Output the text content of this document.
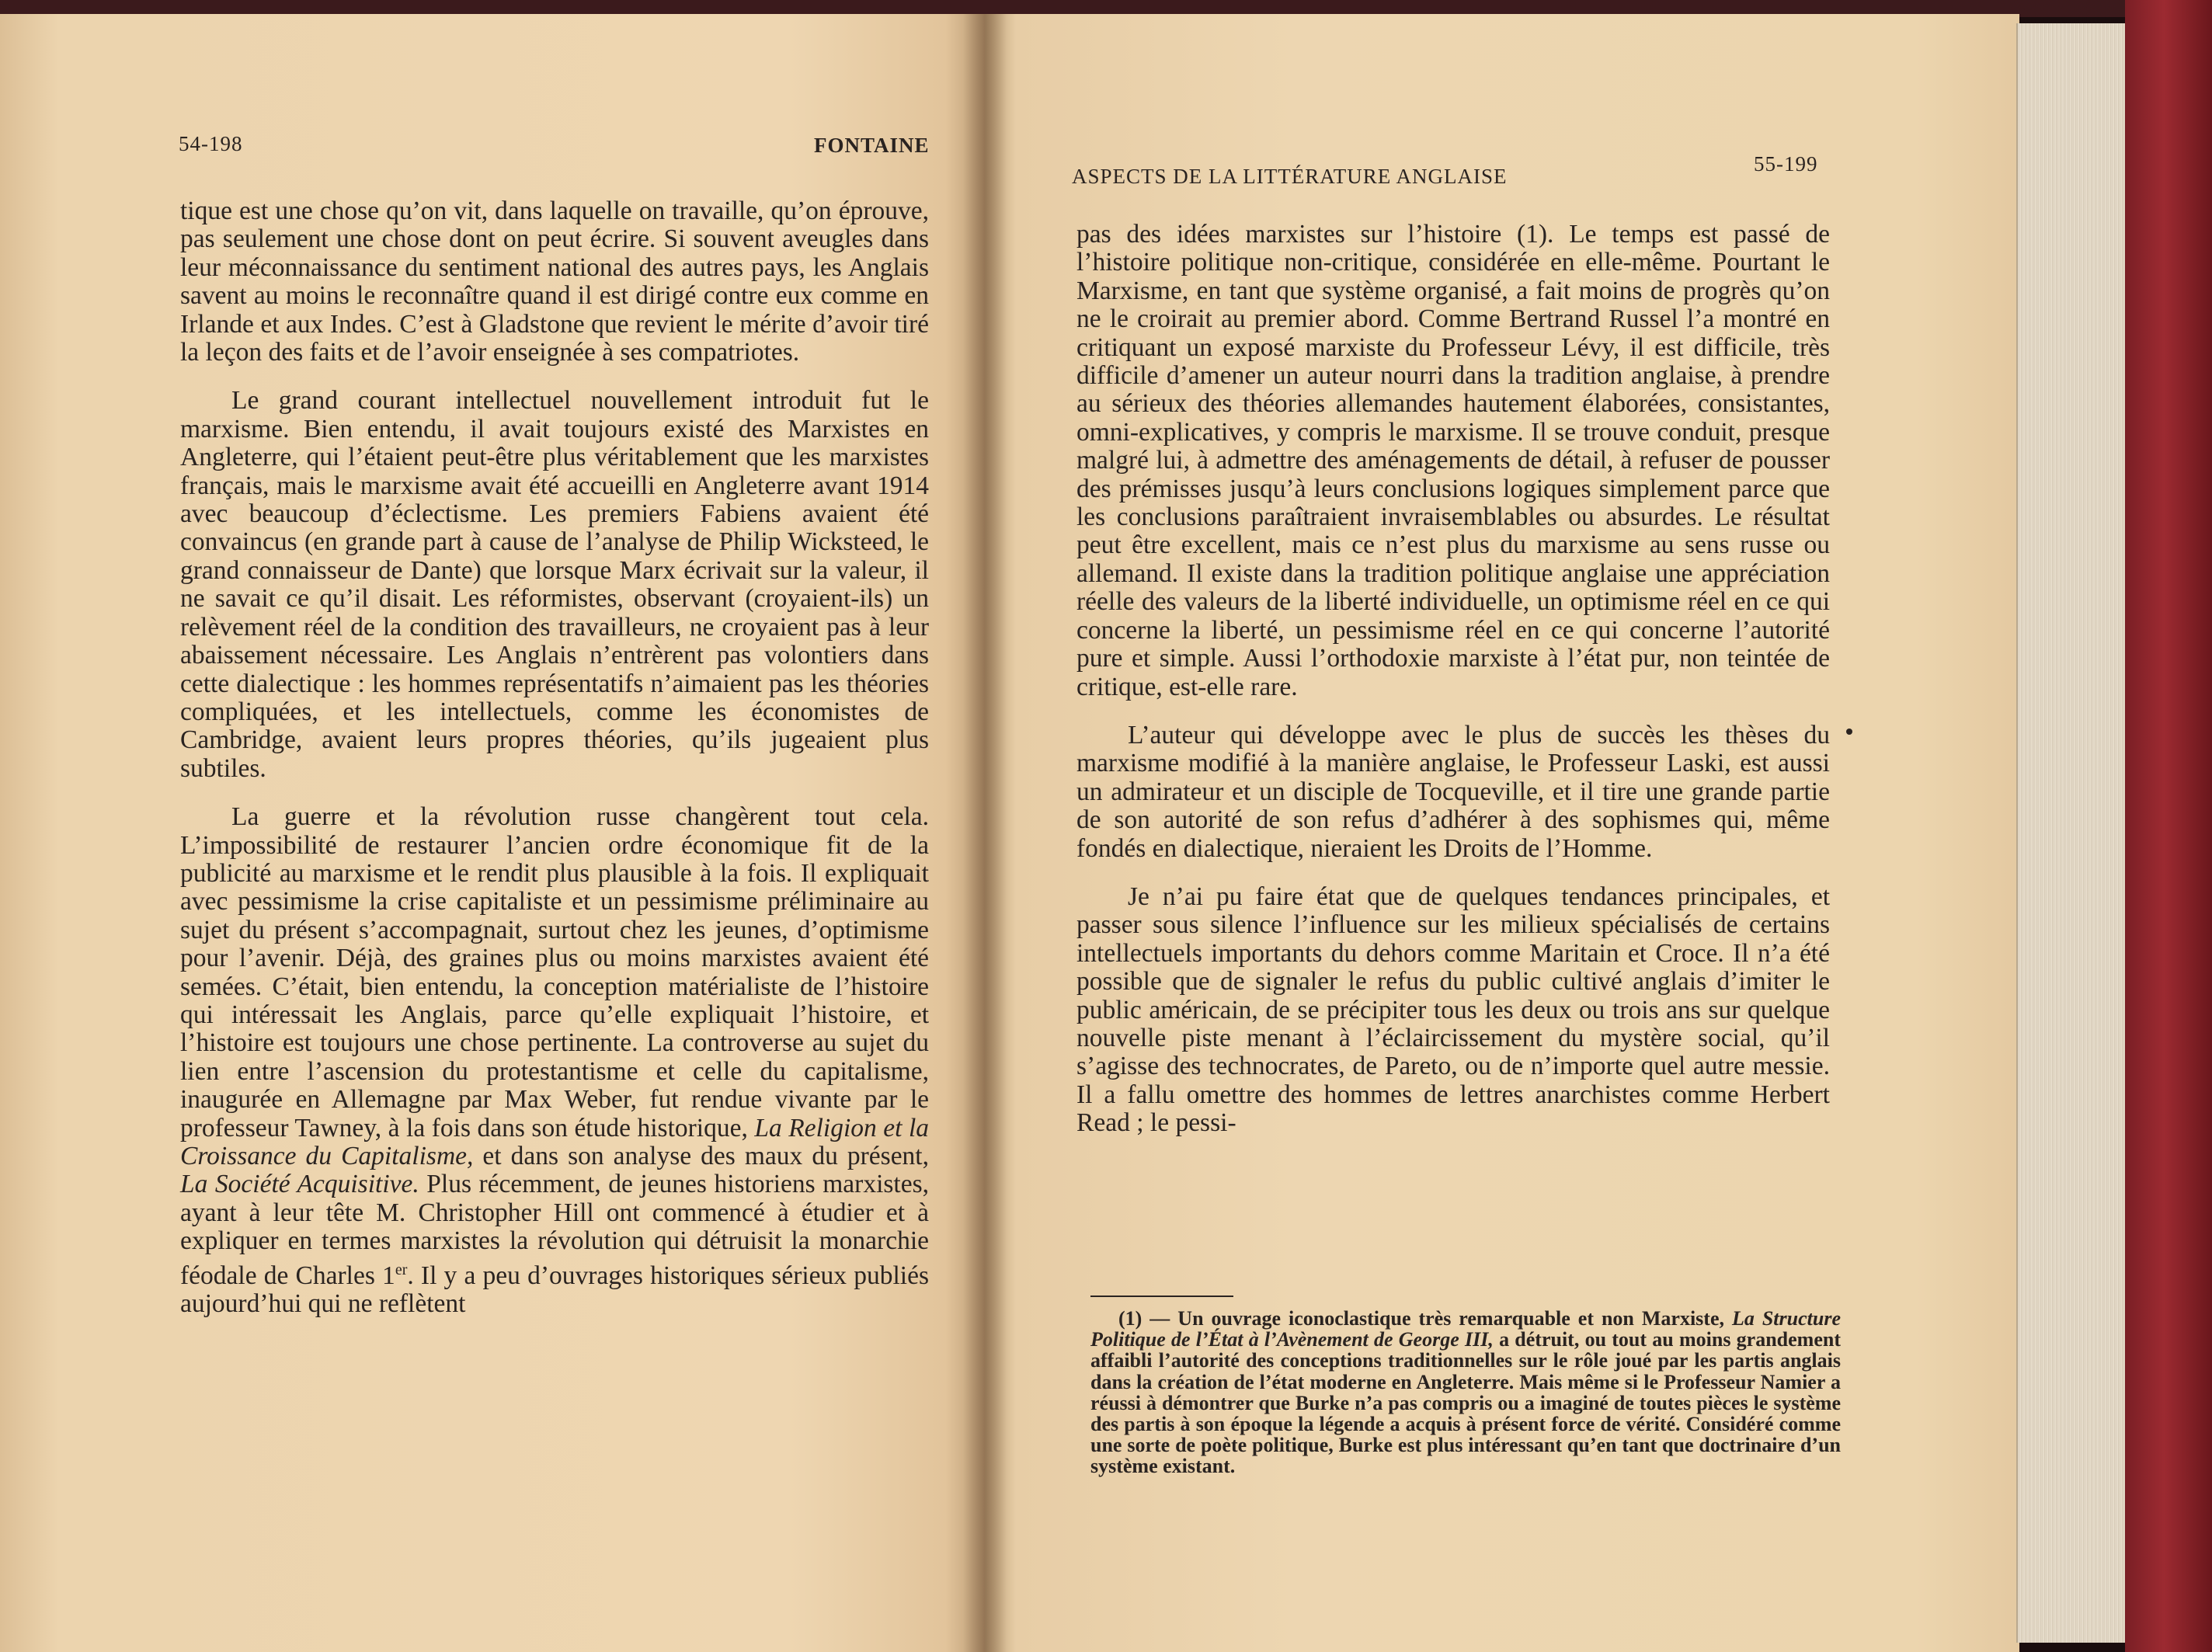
54-198	FONTAINE

tique est une chose qu’on vit, dans laquelle on travaille, qu’on éprouve, pas seulement une chose dont on peut écrire. Si souvent aveugles dans leur méconnaissance du sentiment national des autres pays, les Anglais savent au moins le reconnaître quand il est dirigé contre eux comme en Irlande et aux Indes. C’est à Gladstone que revient le mérite d’avoir tiré la leçon des faits et de l’avoir enseignée à ses compatriotes.

Le grand courant intellectuel nouvellement introduit fut le marxisme. Bien entendu, il avait toujours existé des Marxistes en Angleterre, qui l’étaient peut-être plus véritablement que les marxistes français, mais le marxisme avait été accueilli en Angleterre avant 1914 avec beaucoup d’éclectisme. Les premiers Fabiens avaient été convaincus (en grande part à cause de l’analyse de Philip Wicksteed, le grand connaisseur de Dante) que lorsque Marx écrivait sur la valeur, il ne savait ce qu’il disait. Les réformistes, observant (croyaient-ils) un relèvement réel de la condition des travailleurs, ne croyaient pas à leur abaissement nécessaire. Les Anglais n’entrèrent pas volontiers dans cette dialectique : les hommes représentatifs n’aimaient pas les théories compliquées, et les intellectuels, comme les économistes de Cambridge, avaient leurs propres théories, qu’ils jugeaient plus subtiles.

La guerre et la révolution russe changèrent tout cela. L’impossibilité de restaurer l’ancien ordre économique fit de la publicité au marxisme et le rendit plus plausible à la fois. Il expliquait avec pessimisme la crise capitaliste et un pessimisme préliminaire au sujet du présent s’accompagnait, surtout chez les jeunes, d’optimisme pour l’avenir. Déjà, des graines plus ou moins marxistes avaient été semées. C’était, bien entendu, la conception matérialiste de l’histoire qui intéressait les Anglais, parce qu’elle expliquait l’histoire, et l’histoire est toujours une chose pertinente. La controverse au sujet du lien entre l’ascension du protestantisme et celle du capitalisme, inaugurée en Allemagne par Max Weber, fut rendue vivante par le professeur Tawney, à la fois dans son étude historique, La Religion et la Croissance du Capitalisme, et dans son analyse des maux du présent, La Société Acquisitive. Plus récemment, de jeunes historiens marxistes, ayant à leur tête M. Christopher Hill ont commencé à étudier et à expliquer en termes marxistes la révolution qui détruisit la monarchie féodale de Charles 1er. Il y a peu d’ouvrages historiques sérieux publiés aujourd’hui qui ne reflètent

ASPECTS DE LA LITTÉRATURE ANGLAISE
55-199

pas des idées marxistes sur l’histoire (1). Le temps est passé de l’histoire politique non-critique, considérée en elle-même. Pourtant le Marxisme, en tant que système organisé, a fait moins de progrès qu’on ne le croirait au premier abord. Comme Bertrand Russel l’a montré en critiquant un exposé marxiste du Professeur Lévy, il est difficile, très difficile d’amener un auteur nourri dans la tradition anglaise, à prendre au sérieux des théories allemandes hautement élaborées, consistantes, omni-explicatives, y compris le marxisme. Il se trouve conduit, presque malgré lui, à admettre des aménagements de détail, à refuser de pousser des prémisses jusqu’à leurs conclusions logiques simplement parce que les conclusions paraîtraient invraisemblables ou absurdes. Le résultat peut être excellent, mais ce n’est plus du marxisme au sens russe ou allemand. Il existe dans la tradition politique anglaise une appréciation réelle des valeurs de la liberté individuelle, un optimisme réel en ce qui concerne la liberté, un pessimisme réel en ce qui concerne l’autorité pure et simple. Aussi l’orthodoxie marxiste à l’état pur, non teintée de critique, est-elle rare.

L’auteur qui développe avec le plus de succès les thèses du marxisme modifié à la manière anglaise, le Professeur Laski, est aussi un admirateur et un disciple de Tocqueville, et il tire une grande partie de son autorité de son refus d’adhérer à des sophismes qui, même fondés en dialectique, nieraient les Droits de l’Homme.

Je n’ai pu faire état que de quelques tendances principales, et passer sous silence l’influence sur les milieux spécialisés de certains intellectuels importants du dehors comme Maritain et Croce. Il n’a été possible que de signaler le refus du public cultivé anglais d’imiter le public américain, de se précipiter tous les deux ou trois ans sur quelque nouvelle piste menant à l’éclaircissement du mystère social, qu’il s’agisse des technocrates, de Pareto, ou de n’importe quel autre messie. Il a fallu omettre des hommes de lettres anarchistes comme Herbert Read ; le pessi-

(1) — Un ouvrage iconoclastique très remarquable et non Marxiste, La Structure Politique de l’État à l’Avènement de George III, a détruit, ou tout au moins grandement affaibli l’autorité des conceptions traditionnelles sur le rôle joué par les partis anglais dans la création de l’état moderne en Angleterre. Mais même si le Professeur Namier a réussi à démontrer que Burke n’a pas compris ou a imaginé de toutes pièces le système des partis à son époque la légende a acquis à présent force de vérité. Considéré comme une sorte de poète politique, Burke est plus intéressant qu’en tant que doctrinaire d’un système existant.
